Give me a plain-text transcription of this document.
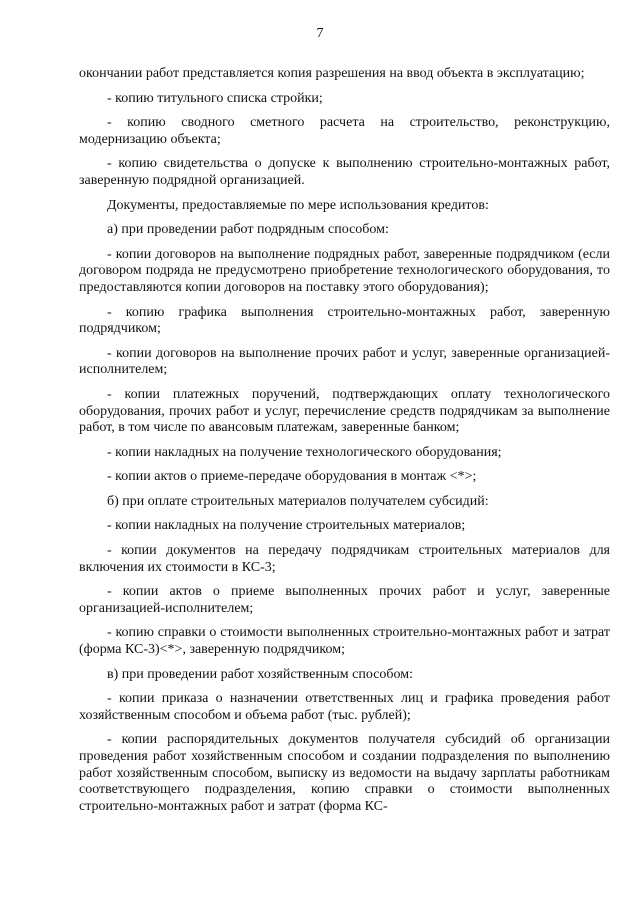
7

окончании работ представляется копия разрешения на ввод объекта в эксплуатацию;

- копию титульного списка стройки;

- копию сводного сметного расчета на строительство, реконструкцию, модернизацию объекта;

- копию свидетельства о допуске к выполнению строительно-монтажных работ, заверенную подрядной организацией.

Документы, предоставляемые по мере использования кредитов:

а) при проведении работ подрядным способом:

- копии договоров на выполнение подрядных работ, заверенные подрядчиком (если договором подряда не предусмотрено приобретение технологического оборудования, то предоставляются копии договоров на поставку этого оборудования);

- копию графика выполнения строительно-монтажных работ, заверенную подрядчиком;

- копии договоров на выполнение прочих работ и услуг, заверенные организацией-исполнителем;

- копии платежных поручений, подтверждающих оплату технологического оборудования, прочих работ и услуг, перечисление средств подрядчикам за выполнение работ, в том числе по авансовым платежам, заверенные банком;

- копии накладных на получение технологического оборудования;

- копии актов о приеме-передаче оборудования в монтаж <*>;

б) при оплате строительных материалов получателем субсидий:

- копии накладных на получение строительных материалов;

- копии документов на передачу подрядчикам строительных материалов для включения их стоимости в КС-3;

- копии актов о приеме выполненных прочих работ и услуг, заверенные организацией-исполнителем;

- копию справки о стоимости выполненных строительно-монтажных работ и затрат (форма КС-3)<*>, заверенную подрядчиком;

в) при проведении работ хозяйственным способом:

- копии приказа о назначении ответственных лиц и графика проведения работ хозяйственным способом и объема работ (тыс. рублей);

- копии распорядительных документов получателя субсидий об организации проведения работ хозяйственным способом и создании подразделения по выполнению работ хозяйственным способом, выписку из ведомости на выдачу зарплаты работникам соответствующего подразделения, копию справки о стоимости выполненных строительно-монтажных работ и затрат (форма КС-
